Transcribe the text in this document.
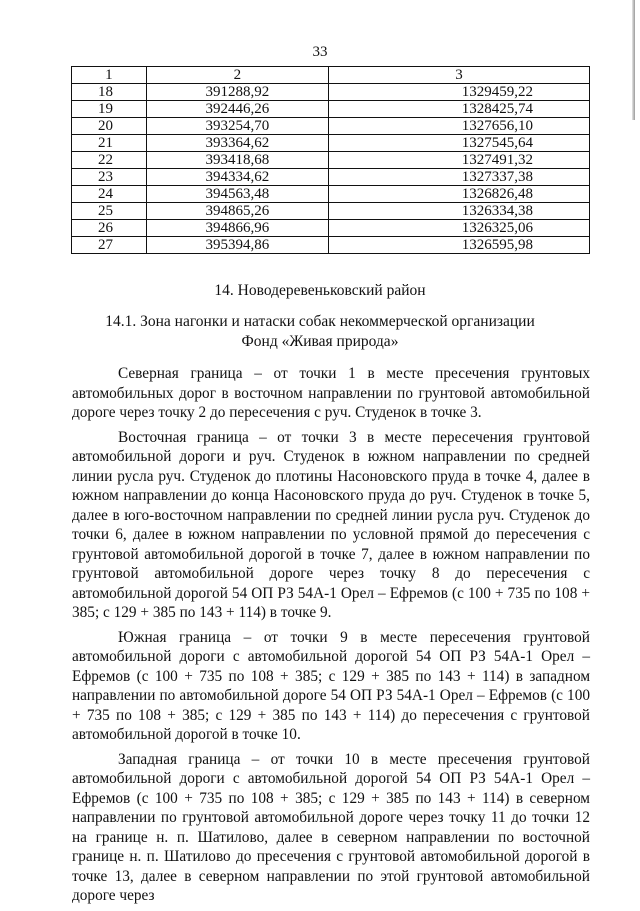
33
1	2	3
18	391288,92	1329459,22
19	392446,26	1328425,74
20	393254,70	1327656,10
21	393364,62	1327545,64
22	393418,68	1327491,32
23	394334,62	1327337,38
24	394563,48	1326826,48
25	394865,26	1326334,38
26	394866,96	1326325,06
27	395394,86	1326595,98
14. Новодеревеньковский район
14.1. Зона нагонки и натаски собак некоммерческой организации
Фонд «Живая природа»

Северная граница – от точки 1 в месте пресечения грунтовых автомобильных дорог в восточном направлении по грунтовой автомобильной дороге через точку 2 до пересечения с руч. Студенок в точке 3.

Восточная граница – от точки 3 в месте пересечения грунтовой автомобильной дороги и руч. Студенок в южном направлении по средней линии русла руч. Студенок до плотины Насоновского пруда в точке 4, далее в южном направлении до конца Насоновского пруда до руч. Студенок в точке 5, далее в юго-восточном направлении по средней линии русла руч. Студенок до точки 6, далее в южном направлении по условной прямой до пересечения с грунтовой автомобильной дорогой в точке 7, далее в южном направлении по грунтовой автомобильной дороге через точку 8 до пересечения с автомобильной дорогой 54 ОП РЗ 54А-1 Орел – Ефремов (с 100 + 735 по 108 + 385; с 129 + 385 по 143 + 114) в точке 9.

Южная граница – от точки 9 в месте пересечения грунтовой автомобильной дороги с автомобильной дорогой 54 ОП РЗ 54А-1 Орел – Ефремов (с 100 + 735 по 108 + 385; с 129 + 385 по 143 + 114) в западном направлении по автомобильной дороге 54 ОП РЗ 54А-1 Орел – Ефремов (с 100 + 735 по 108 + 385; с 129 + 385 по 143 + 114) до пересечения с грунтовой автомобильной дорогой в точке 10.

Западная граница – от точки 10 в месте пресечения грунтовой автомобильной дороги с автомобильной дорогой 54 ОП РЗ 54А-1 Орел – Ефремов (с 100 + 735 по 108 + 385; с 129 + 385 по 143 + 114) в северном направлении по грунтовой автомобильной дороге через точку 11 до точки 12 на границе н. п. Шатилово, далее в северном направлении по восточной границе н. п. Шатилово до пресечения с грунтовой автомобильной дорогой в точке 13, далее в северном направлении по этой грунтовой автомобильной дороге через
